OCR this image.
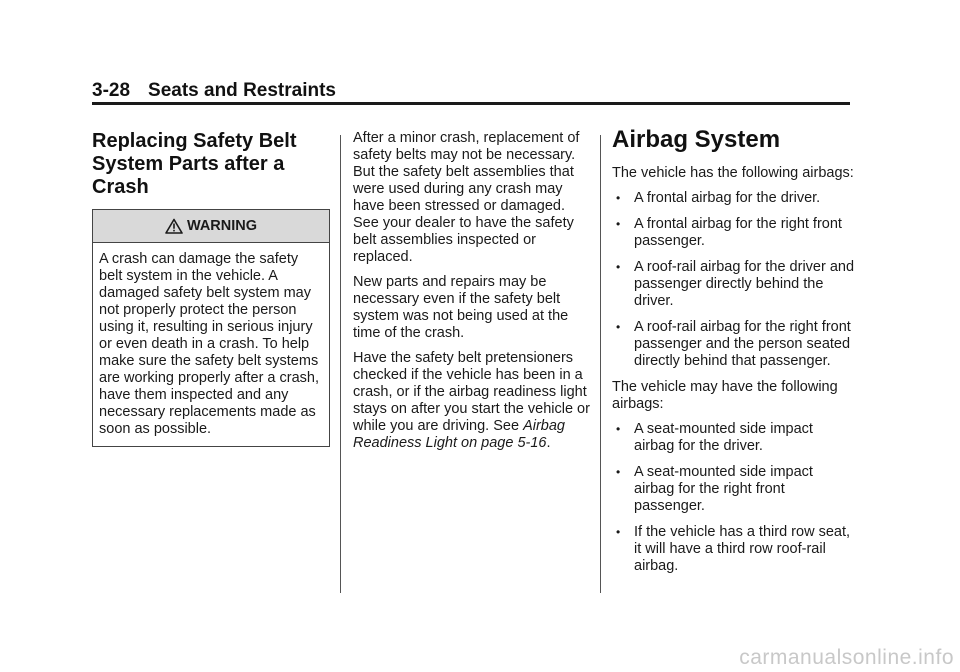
3-28 Seats and Restraints
Replacing Safety Belt System Parts after a Crash
WARNING
A crash can damage the safety belt system in the vehicle. A damaged safety belt system may not properly protect the person using it, resulting in serious injury or even death in a crash. To help make sure the safety belt systems are working properly after a crash, have them inspected and any necessary replacements made as soon as possible.

After a minor crash, replacement of safety belts may not be necessary. But the safety belt assemblies that were used during any crash may have been stressed or damaged. See your dealer to have the safety belt assemblies inspected or replaced.

New parts and repairs may be necessary even if the safety belt system was not being used at the time of the crash.

Have the safety belt pretensioners checked if the vehicle has been in a crash, or if the airbag readiness light stays on after you start the vehicle or while you are driving. See Airbag Readiness Light on page 5-16.

Airbag System

The vehicle has the following airbags:

• A frontal airbag for the driver.
• A frontal airbag for the right front passenger.
• A roof-rail airbag for the driver and passenger directly behind the driver.
• A roof-rail airbag for the right front passenger and the person seated directly behind that passenger.

The vehicle may have the following airbags:

• A seat-mounted side impact airbag for the driver.
• A seat-mounted side impact airbag for the right front passenger.
• If the vehicle has a third row seat, it will have a third row roof-rail airbag.
carmanualsonline.info
